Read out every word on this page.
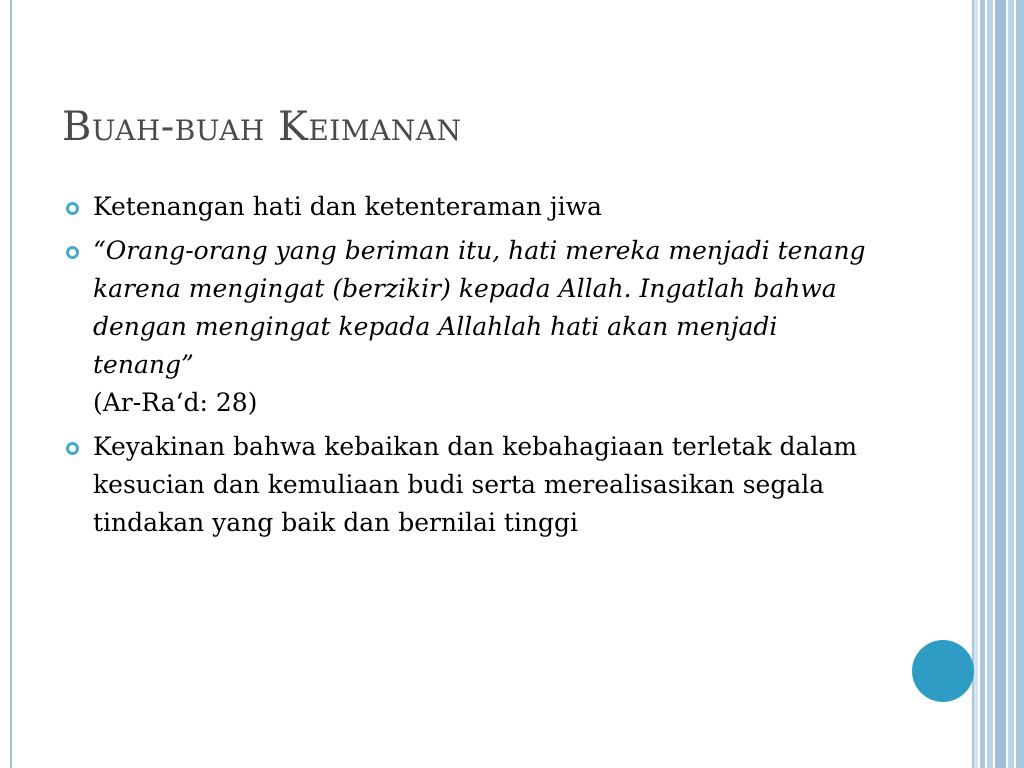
Buah-buah Keimanan
Ketenangan hati dan ketenteraman jiwa
“Orang-orang yang beriman itu, hati mereka menjadi tenang karena mengingat (berzikir) kepada Allah. Ingatlah bahwa dengan mengingat kepada Allahlah hati akan menjadi tenang”
(Ar-Ra‘d: 28)
Keyakinan bahwa kebaikan dan kebahagiaan terletak dalam kesucian dan kemuliaan budi serta merealisasikan segala tindakan yang baik dan bernilai tinggi
